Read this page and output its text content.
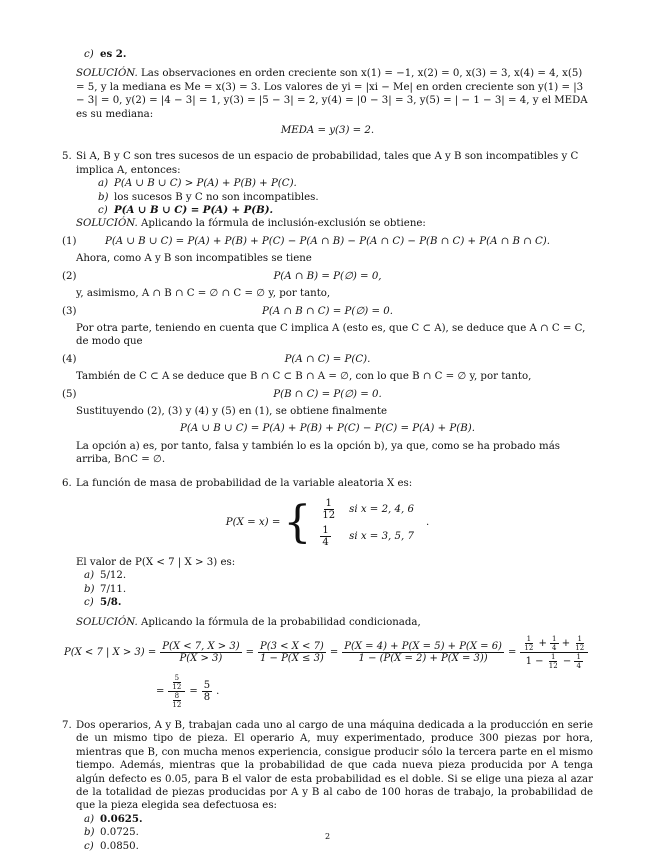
c) es 2.

SOLUCIÓN. Las observaciones en orden creciente son x(1) = −1, x(2) = 0, x(3) = 3, x(4) = 4, x(5) = 5, y la mediana es Me = x(3) = 3. Los valores de yi = |xi − Me| en orden creciente son y(1) = |3 − 3| = 0, y(2) = |4 − 3| = 1, y(3) = |5 − 3| = 2, y(4) = |0 − 3| = 3, y(5) = | − 1 − 3| = 4, y el MEDA es su mediana:

MEDA = y(3) = 2.

5. Si A, B y C son tres sucesos de un espacio de probabilidad, tales que A y B son incompatibles y C implica A, entonces:

a) P(A ∪ B ∪ C) > P(A) + P(B) + P(C).

b) los sucesos B y C no son incompatibles.

c) P(A ∪ B ∪ C) = P(A) + P(B).

SOLUCIÓN. Aplicando la fórmula de inclusión-exclusión se obtiene:

(1)	P(A ∪ B ∪ C) = P(A) + P(B) + P(C) − P(A ∩ B) − P(A ∩ C) − P(B ∩ C) + P(A ∩ B ∩ C).

Ahora, como A y B son incompatibles se tiene

(2)	P(A ∩ B) = P(∅) = 0,

y, asimismo, A ∩ B ∩ C = ∅ ∩ C = ∅ y, por tanto,

(3)	P(A ∩ B ∩ C) = P(∅) = 0.

Por otra parte, teniendo en cuenta que C implica A (esto es, que C ⊂ A), se deduce que A ∩ C = C, de modo que

(4)	P(A ∩ C) = P(C).

También de C ⊂ A se deduce que B ∩ C ⊂ B ∩ A = ∅, con lo que B ∩ C = ∅ y, por tanto,

(5)	P(B ∩ C) = P(∅) = 0.

Sustituyendo (2), (3) y (4) y (5) en (1), se obtiene finalmente

P(A ∪ B ∪ C) = P(A) + P(B) + P(C) − P(C) = P(A) + P(B).

La opción a) es, por tanto, falsa y también lo es la opción b), ya que, como se ha probado más arriba, B∩C = ∅.

6. La función de masa de probabilidad de la variable aleatoria X es:

P(X = x) = { $\frac{1}{12}$	si x = 2, 4, 6

$\frac{1}{4}$	si x = 3, 5, 7
.

El valor de P(X < 7 | X > 3) es:

a) 5/12.

b) 7/11.

c) 5/8.

SOLUCIÓN. Aplicando la fórmula de la probabilidad condicionada,

P(X < 7 | $X > 3) = \frac{P(X < 7, X > 3)}{P(X > 3)} = \frac{P(3 < X < 7)}{1 - P(X \le 3)} = \frac{P(X = 4) + P(X = 5) + P(X = 6)}{1 - (P(X = 2) + P(X = 3))} = \frac{\frac{1}{12} + \frac{1}{4} + \frac{1}{12}}{1 - \frac{1}{12} - \frac{1}{4}}$
= $\frac{\frac{5}{12}}{\frac{8}{12}} = \frac{5}{8}$ .
7. Dos operarios, A y B, trabajan cada uno al cargo de una máquina dedicada a la producción en serie de un mismo tipo de pieza. El operario A, muy experimentado, produce 300 piezas por hora, mientras que B, con mucha menos experiencia, consigue producir sólo la tercera parte en el mismo tiempo. Además, mientras que la probabilidad de que cada nueva pieza producida por A tenga algún defecto es 0.05, para B el valor de esta probabilidad es el doble. Si se elige una pieza al azar de la totalidad de piezas producidas por A y B al cabo de 100 horas de trabajo, la probabilidad de que la pieza elegida sea defectuosa es:

a) 0.0625.

b) 0.0725.

c) 0.0850.

2
